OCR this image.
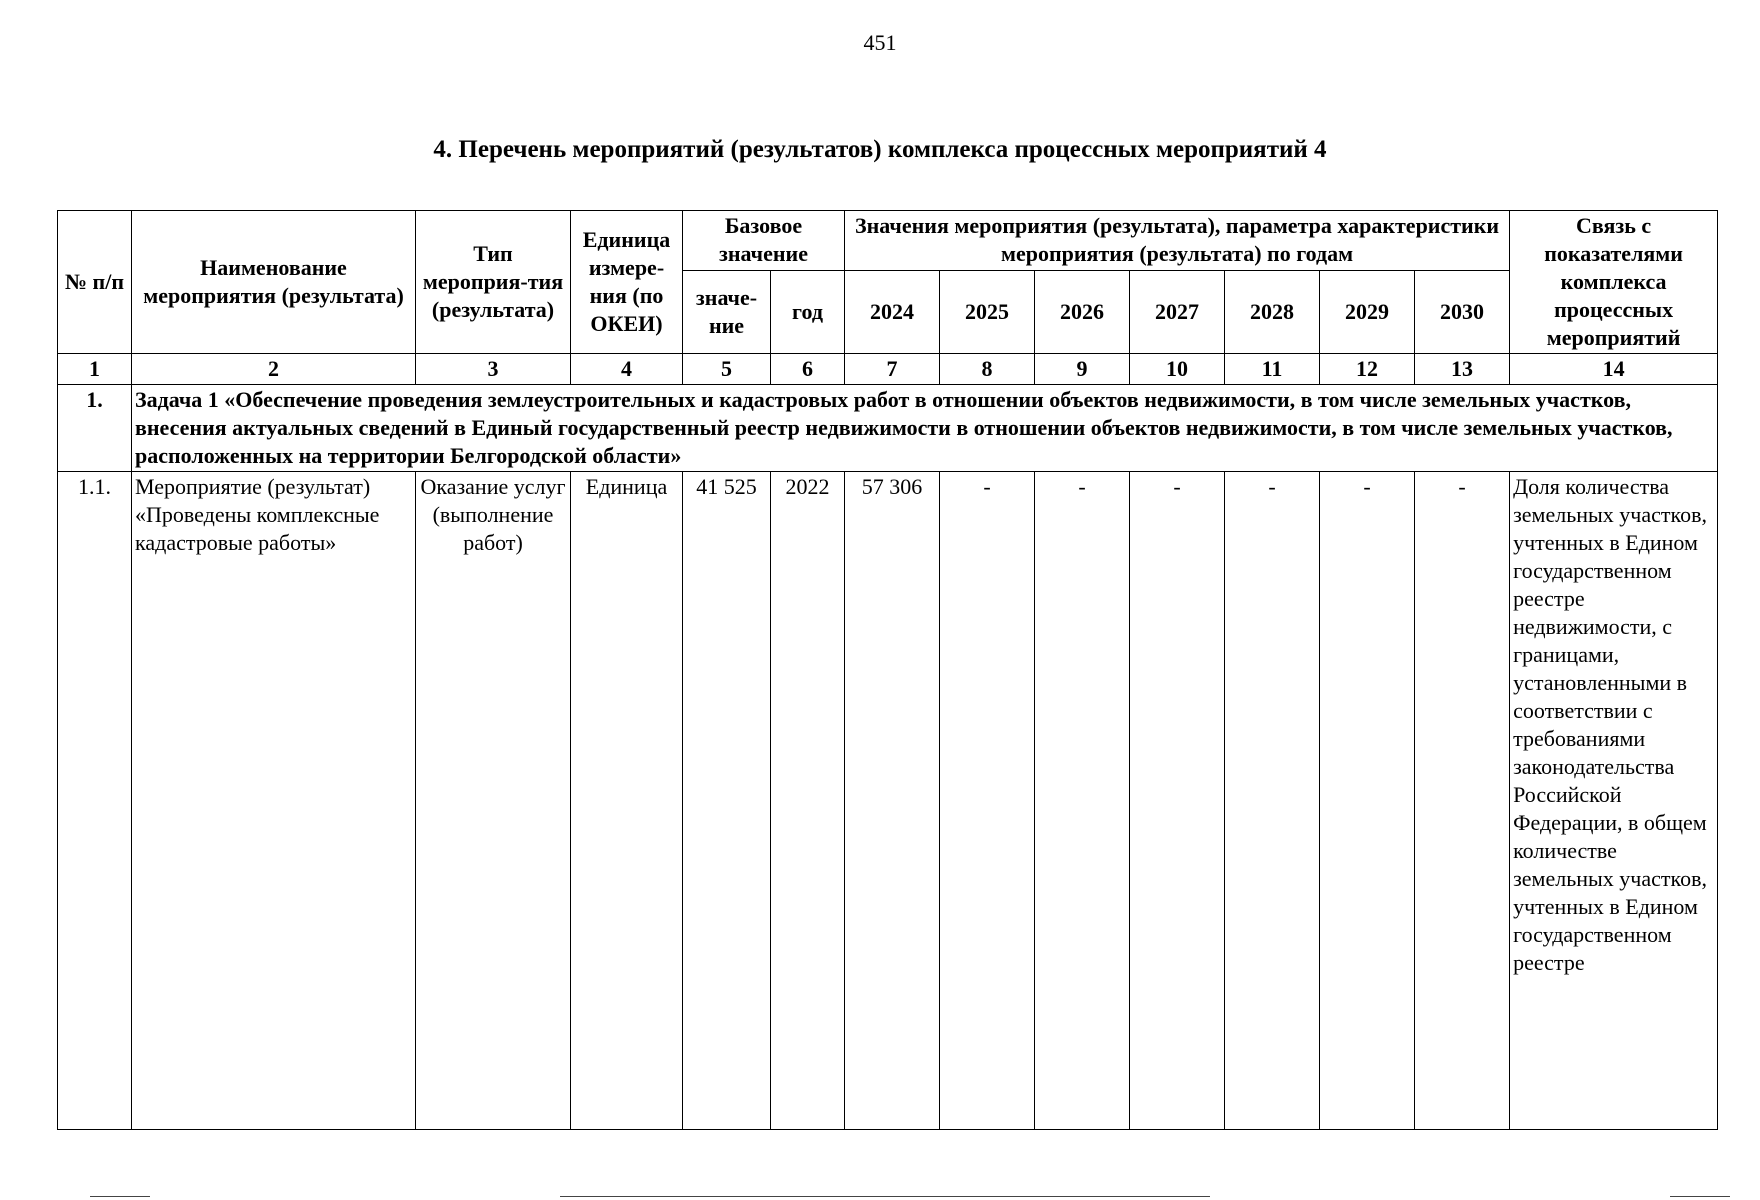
451
4. Перечень мероприятий (результатов) комплекса процессных мероприятий 4
№ п/п	Наименование мероприятия (результата)	Тип мероприя-тия (результата)	Единица измере-ния (по ОКЕИ)	Базовое значение		Значения мероприятия (результата), параметра характеристики мероприятия (результата) по годам							Связь с показателями комплекса процессных мероприятий
				значе-ние	год	2024	2025	2026	2027	2028	2029	2030	
1	2	3	4	5	6	7	8	9	10	11	12	13	14
1.	Задача 1 «Обеспечение проведения землеустроительных и кадастровых работ в отношении объектов недвижимости, в том числе земельных участков, внесения актуальных сведений в Единый государственный реестр недвижимости в отношении объектов недвижимости, в том числе земельных участков, расположенных на территории Белгородской области»												
1.1.	Мероприятие (результат) «Проведены комплексные кадастровые работы»	Оказание услуг (выполнение работ)	Единица	41 525	2022	57 306	-	-	-	-	-	-	Доля количества земельных участков, учтенных в Едином государственном реестре недвижимости, с границами, установленными в соответствии с требованиями законодательства Российской Федерации, в общем количестве земельных участков, учтенных в Едином государственном реестре
